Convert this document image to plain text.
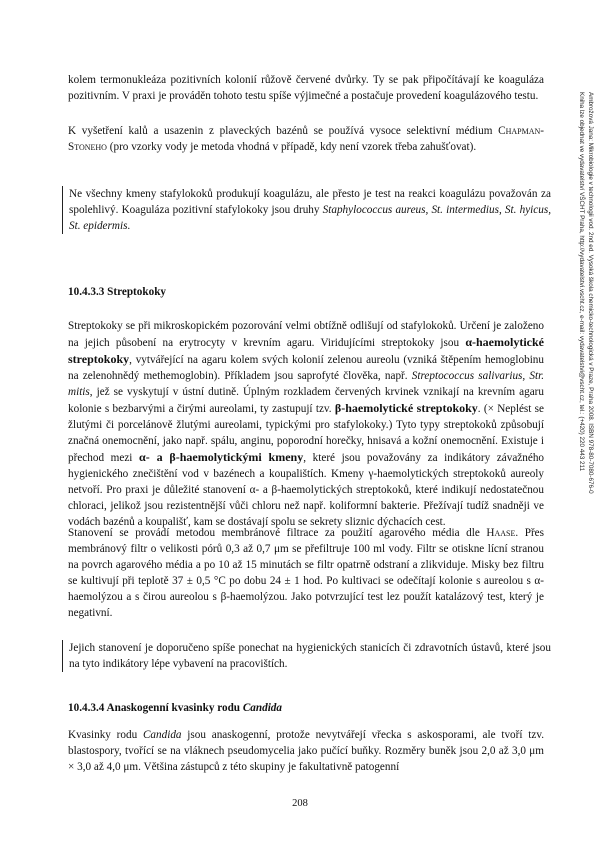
kolem termonukleáza pozitivních kolonií růžově červené dvůrky. Ty se pak připočítávají ke koaguláza pozitivním. V praxi je prováděn tohoto testu spíše výjimečné a postačuje provedení koagulázového testu.

K vyšetření kalů a usazenin z plaveckých bazénů se používá vysoce selektivní médium Chapman-Stoneho (pro vzorky vody je metoda vhodná v případě, kdy není vzorek třeba zahušťovat).

Ne všechny kmeny stafylokoků produkují koagulázu, ale přesto je test na reakci koagulázu považován za spolehlivý. Koaguláza pozitivní stafylokoky jsou druhy Staphylococcus aureus, St. intermedius, St. hyicus, St. epidermis.
10.4.3.3 Streptokoky

Streptokoky se při mikroskopickém pozorování velmi obtížně odlišují od stafylokoků. Určení je založeno na jejich působení na erytrocyty v krevním agaru. Viridujícími streptokoky jsou α-haemolytické streptokoky, vytvářející na agaru kolem svých kolonií zelenou aureolu (vzniká štěpením hemoglobinu na zelenohnědý methemoglobin). Příkladem jsou saprofyté člověka, např. Streptococcus salivarius, Str. mitis, jež se vyskytují v ústní dutině. Úplným rozkladem červených krvinek vznikají na krevním agaru kolonie s bezbarvými a čirými aureolami, ty zastupují tzv. β-haemolytické streptokoky. (× Neplést se žlutými či porcelánově žlutými aureolami, typickými pro stafylokoky.) Tyto typy streptokoků způsobují značná onemocnění, jako např. spálu, anginu, poporodní horečky, hnisavá a kožní onemocnění. Existuje i přechod mezi α- a β-haemolytickými kmeny, které jsou považovány za indikátory závažného hygienického znečištění vod v bazénech a koupalištích. Kmeny γ-haemolytických streptokoků aureoly netvoří. Pro praxi je důležité stanovení α- a β-haemolytických streptokoků, které indikují nedostatečnou chloraci, jelikož jsou rezistentnější vůči chloru než např. koliformní bakterie. Přežívají tudíž snadněji ve vodách bazénů a koupališť, kam se dostávají spolu se sekrety sliznic dýchacích cest.

Stanovení se provádí metodou membránové filtrace za použití agarového média dle Haase. Přes membránový filtr o velikosti pórů 0,3 až 0,7 μm se přefiltruje 100 ml vody. Filtr se otiskne lícní stranou na povrch agarového média a po 10 až 15 minutách se filtr opatrně odstraní a zlikviduje. Misky bez filtru se kultivují při teplotě 37 ± 0,5 °C po dobu 24 ± 1 hod. Po kultivaci se odečítají kolonie s aureolou s α-haemolýzou a s čirou aureolou s β-haemolýzou. Jako potvrzující test lez použít katalázový test, který je negativní.

Jejich stanovení je doporučeno spíše ponechat na hygienických stanicích či zdravotních ústavů, které jsou na tyto indikátory lépe vybavení na pracovištích.
10.4.3.4 Anaskogenní kvasinky rodu Candida

Kvasinky rodu Candida jsou anaskogenní, protože nevytvářejí vřecka s askosporami, ale tvoří tzv. blastospory, tvořící se na vláknech pseudomycelia jako pučící buňky. Rozměry buněk jsou 2,0 až 3,0 μm × 3,0 až 4,0 μm. Většina zástupců z této skupiny je fakultativně patogenní

208
Ambrožová Jana: Mikrobiologie v technologii vod. 2nd ed. Vysoká škola chemicko-technologická v Praze, Praha 2008. ISBN 978-80-7080-676-0
Kniha lze objednat ve vydavatelství VŠCHT Praha, http://vydavatelstvi.vscht.cz, e-mail: vydavatelstvi@vscht.cz, tel.: (+420) 220 443 211
